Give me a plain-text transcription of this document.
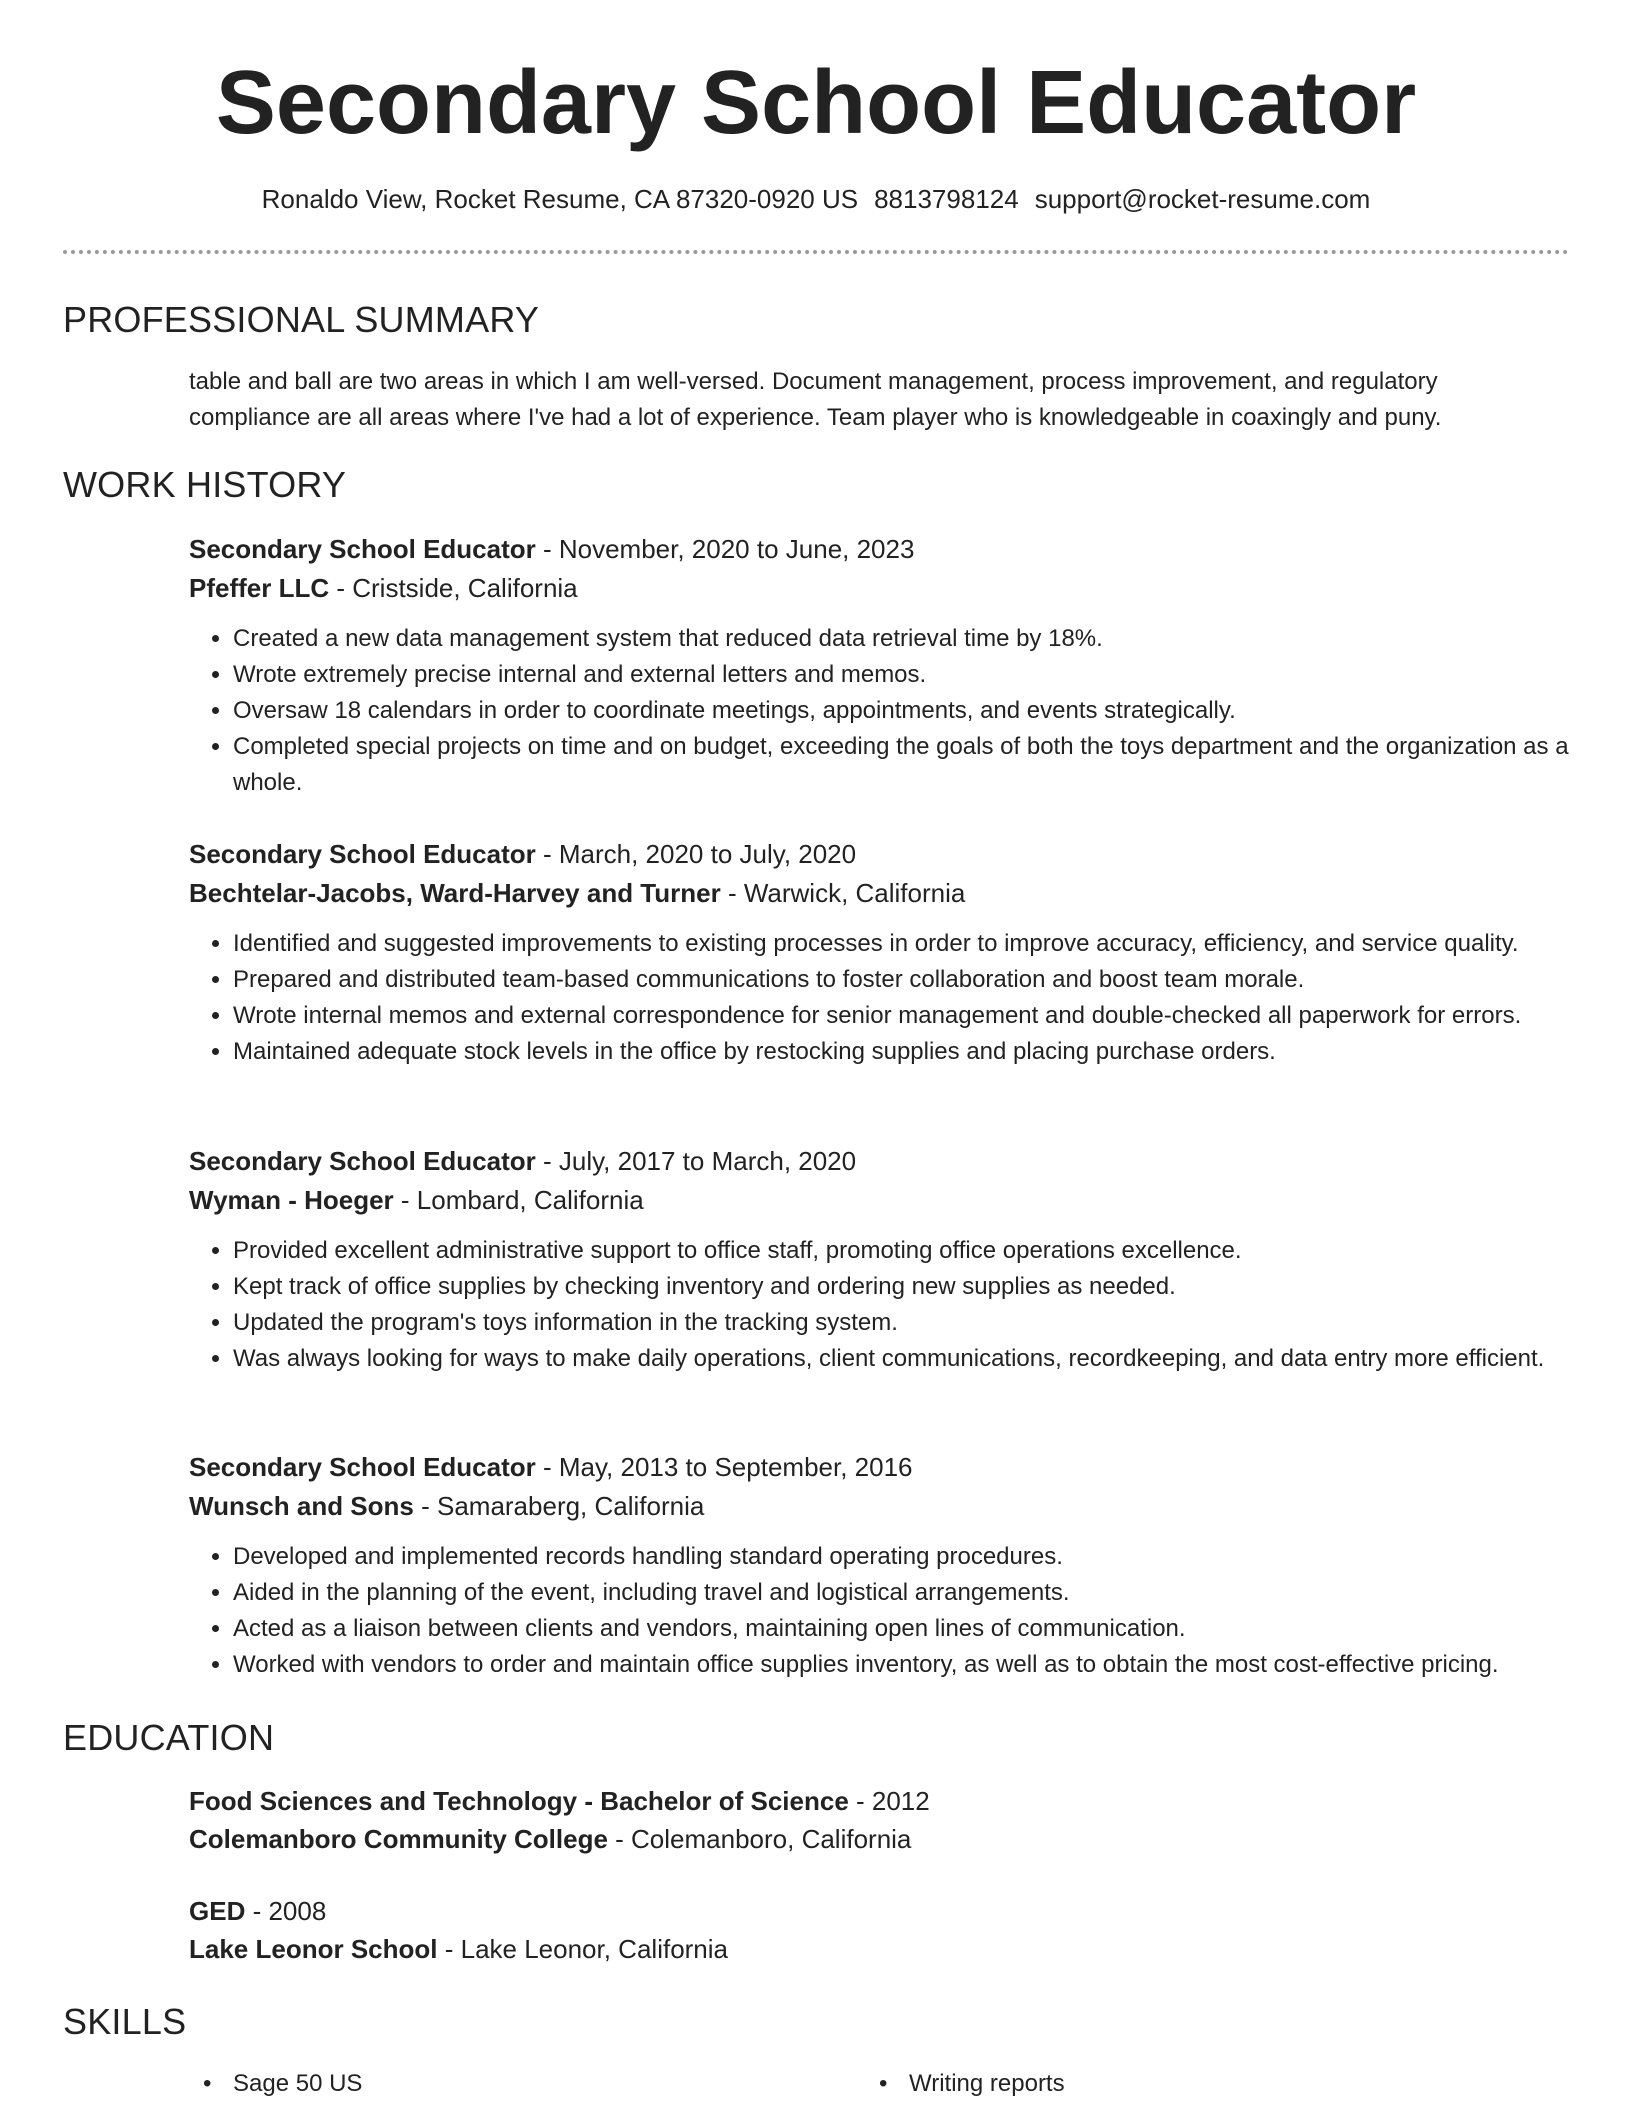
Secondary School Educator
Ronaldo View, Rocket Resume, CA 87320-0920 US 8813798124 support@rocket-resume.com
PROFESSIONAL SUMMARY
table and ball are two areas in which I am well-versed. Document management, process improvement, and regulatory
compliance are all areas where I've had a lot of experience. Team player who is knowledgeable in coaxingly and puny.
WORK HISTORY
Secondary School Educator - November, 2020 to June, 2023
Pfeffer LLC - Cristside, California
• Created a new data management system that reduced data retrieval time by 18%.
• Wrote extremely precise internal and external letters and memos.
• Oversaw 18 calendars in order to coordinate meetings, appointments, and events strategically.
• Completed special projects on time and on budget, exceeding the goals of both the toys department and the organization as a whole.
Secondary School Educator - March, 2020 to July, 2020
Bechtelar-Jacobs, Ward-Harvey and Turner - Warwick, California
• Identified and suggested improvements to existing processes in order to improve accuracy, efficiency, and service quality.
• Prepared and distributed team-based communications to foster collaboration and boost team morale.
• Wrote internal memos and external correspondence for senior management and double-checked all paperwork for errors.
• Maintained adequate stock levels in the office by restocking supplies and placing purchase orders.
Secondary School Educator - July, 2017 to March, 2020
Wyman - Hoeger - Lombard, California
• Provided excellent administrative support to office staff, promoting office operations excellence.
• Kept track of office supplies by checking inventory and ordering new supplies as needed.
• Updated the program's toys information in the tracking system.
• Was always looking for ways to make daily operations, client communications, recordkeeping, and data entry more efficient.
Secondary School Educator - May, 2013 to September, 2016
Wunsch and Sons - Samaraberg, California
• Developed and implemented records handling standard operating procedures.
• Aided in the planning of the event, including travel and logistical arrangements.
• Acted as a liaison between clients and vendors, maintaining open lines of communication.
• Worked with vendors to order and maintain office supplies inventory, as well as to obtain the most cost-effective pricing.
EDUCATION
Food Sciences and Technology - Bachelor of Science - 2012
Colemanboro Community College - Colemanboro, California
GED - 2008
Lake Leonor School - Lake Leonor, California
SKILLS
• Sage 50 US
•	Writing reports
